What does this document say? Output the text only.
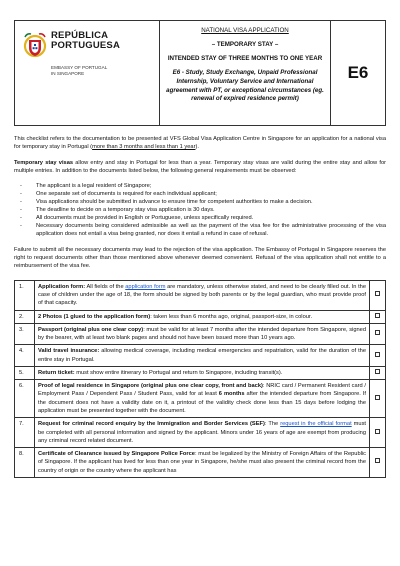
REPÚBLICA
PORTUGUESA
EMBASSY OF PORTUGAL
IN SINGAPORE
NATIONAL VISA APPLICATION
– TEMPORARY STAY –
INTENDED STAY OF THREE MONTHS TO ONE YEAR
E6 - Study, Study Exchange, Unpaid Professional Internship, Voluntary Service and International agreement with PT, or exceptional circumstances (eg. renewal of expired residence permit)
E6

This checklist refers to the documentation to be presented at VFS Global Visa Application Centre in Singapore for an application for a national visa for temporary stay in Portugal (more than 3 months and less than 1 year).

Temporary stay visas allow entry and stay in Portugal for less than a year. Temporary stay visas are valid during the entire stay and allow for multiple entries. In addition to the documents listed below, the following general requirements must be observed:

-	The applicant is a legal resident of Singapore;
-	One separate set of documents is required for each individual applicant;
-	Visa applications should be submitted in advance to ensure time for competent authorities to make a decision.
-	The deadline to decide on a temporary stay visa application is 30 days.
-	All documents must be provided in English or Portuguese, unless specifically required.
-	Necessary documents being considered admissible as well as the payment of the visa fee for the administrative processing of the visa application does not entail a visa being granted, nor does it entail a refund in case of refusal.

Failure to submit all the necessary documents may lead to the rejection of the visa application. The Embassy of Portugal in Singapore reserves the right to request documents other than those mentioned above whenever deemed convenient. Refusal of the visa application shall not entitle to a reimbursement of the visa fee.

1.	Application form: All fields of the application form are mandatory, unless otherwise stated, and need to be clearly filled out. In the case of children under the age of 18, the form should be signed by both parents or by the legal guardian, who must provide proof of that capacity.	
2.	2 Photos (1 glued to the application form): taken less than 6 months ago, original, passport-size, in colour.	
3.	Passport (original plus one clear copy): must be valid for at least 7 months after the intended departure from Singapore, signed by the bearer, with at least two blank pages and should not have been issued more than 10 years ago.	
4.	Valid travel insurance: allowing medical coverage, including medical emergencies and repatriation, valid for the duration of the entire stay in Portugal.	
5.	Return ticket: must show entire itinerary to Portugal and return to Singapore, including transit(s).	
6.	Proof of legal residence in Singapore (original plus one clear copy, front and back): NRIC card / Permanent Resident card / Employment Pass / Dependent Pass / Student Pass, valid for at least 6 months after the intended departure from Singapore. If the document does not have a validity date on it, a printout of the validity check done less than 15 days before lodging the application must be presented together with the document.	
7.	Request for criminal record enquiry by the Immigration and Border Services (SEF): The request in the official format must be completed with all personal information and signed by the applicant. Minors under 16 years of age are exempt from producing any criminal record related document.	
8.	Certificate of Clearance issued by Singapore Police Force: must be legalized by the Ministry of Foreign Affairs of the Republic of Singapore. If the applicant has lived for less than one year in Singapore, he/she must also present the criminal record from the country of origin or the country where the applicant has	
